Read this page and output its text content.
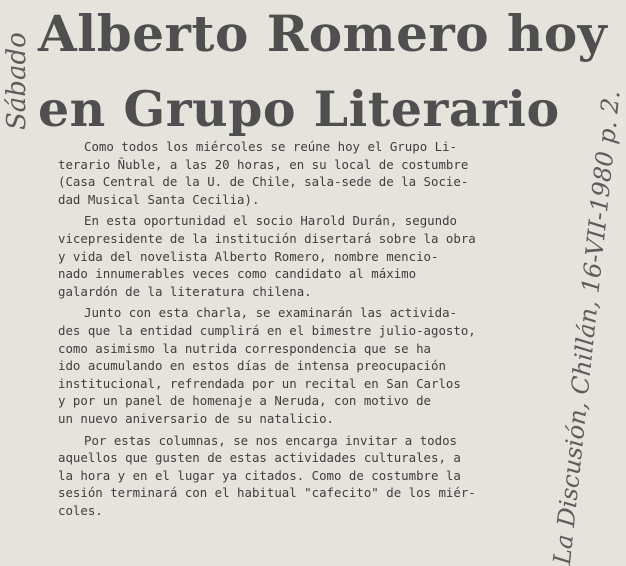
Sábado Alberto Romero hoy
en Grupo Literario

Como todos los miércoles se reúne hoy el Grupo Li-
terario Ñuble, a las 20 horas, en su local de costumbre
(Casa Central de la U. de Chile, sala-sede de la Socie-
dad Musical Santa Cecilia).

En esta oportunidad el socio Harold Durán, segundo
vicepresidente de la institución disertará sobre la obra
y vida del novelista Alberto Romero, nombre mencio-
nado innumerables veces como candidato al máximo
galardón de la literatura chilena.

Junto con esta charla, se examinarán las activida-
des que la entidad cumplirá en el bimestre julio-agosto,
como asimismo la nutrida correspondencia que se ha
ido acumulando en estos días de intensa preocupación
institucional, refrendada por un recital en San Carlos
y por un panel de homenaje a Neruda, con motivo de
un nuevo aniversario de su natalicio.

Por estas columnas, se nos encarga invitar a todos
aquellos que gusten de estas actividades culturales, a
la hora y en el lugar ya citados. Como de costumbre la
sesión terminará con el habitual "cafecito" de los miér-
coles.	La Discusión, Chillán, 16-VII-1980 p. 2.
